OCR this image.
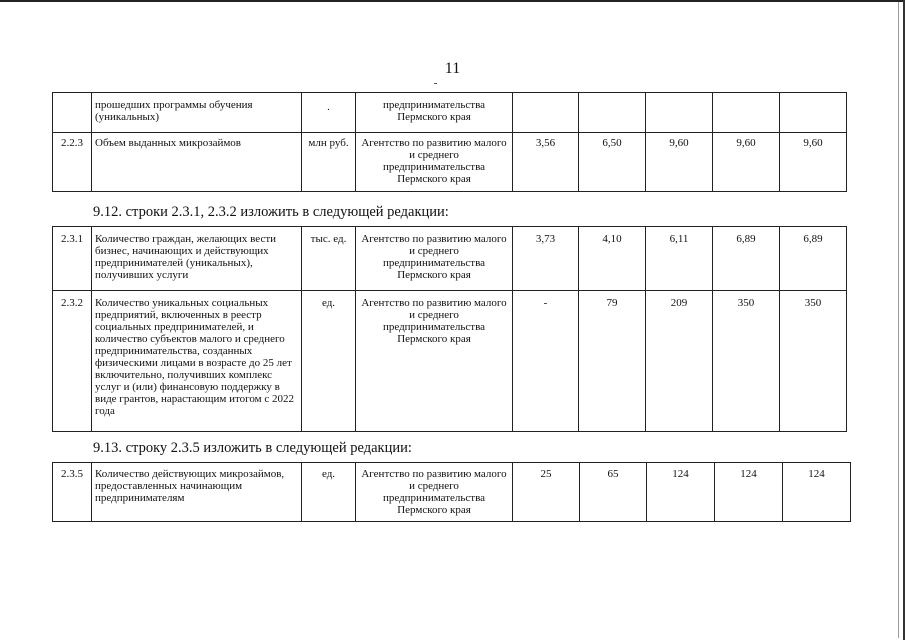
11
	прошедших программы обучения (уникальных)	·	предпринимательства Пермского края					
2.2.3	Объем выданных микрозаймов	млн руб.	Агентство по развитию малого и среднего предпринимательства Пермского края	3,56	6,50	9,60	9,60	9,60
9.12. строки 2.3.1, 2.3.2 изложить в следующей редакции:
2.3.1	Количество граждан, желающих вести бизнес, начинающих и действующих предпринимателей (уникальных), получивших услуги	тыс. ед.	Агентство по развитию малого и среднего предпринимательства Пермского края	3,73	4,10	6,11	6,89	6,89
2.3.2	Количество уникальных социальных предприятий, включенных в реестр социальных предпринимателей, и количество субъектов малого и среднего предпринимательства, созданных физическими лицами в возрасте до 25 лет включительно, получивших комплекс услуг и (или) финансовую поддержку в виде грантов, нарастающим итогом с 2022 года	ед.	Агентство по развитию малого и среднего предпринимательства Пермского края	-	79	209	350	350
9.13. строку 2.3.5 изложить в следующей редакции:
2.3.5	Количество действующих микрозаймов, предоставленных начинающим предпринимателям	ед.	Агентство по развитию малого и среднего предпринимательства Пермского края	25	65	124	124	124
